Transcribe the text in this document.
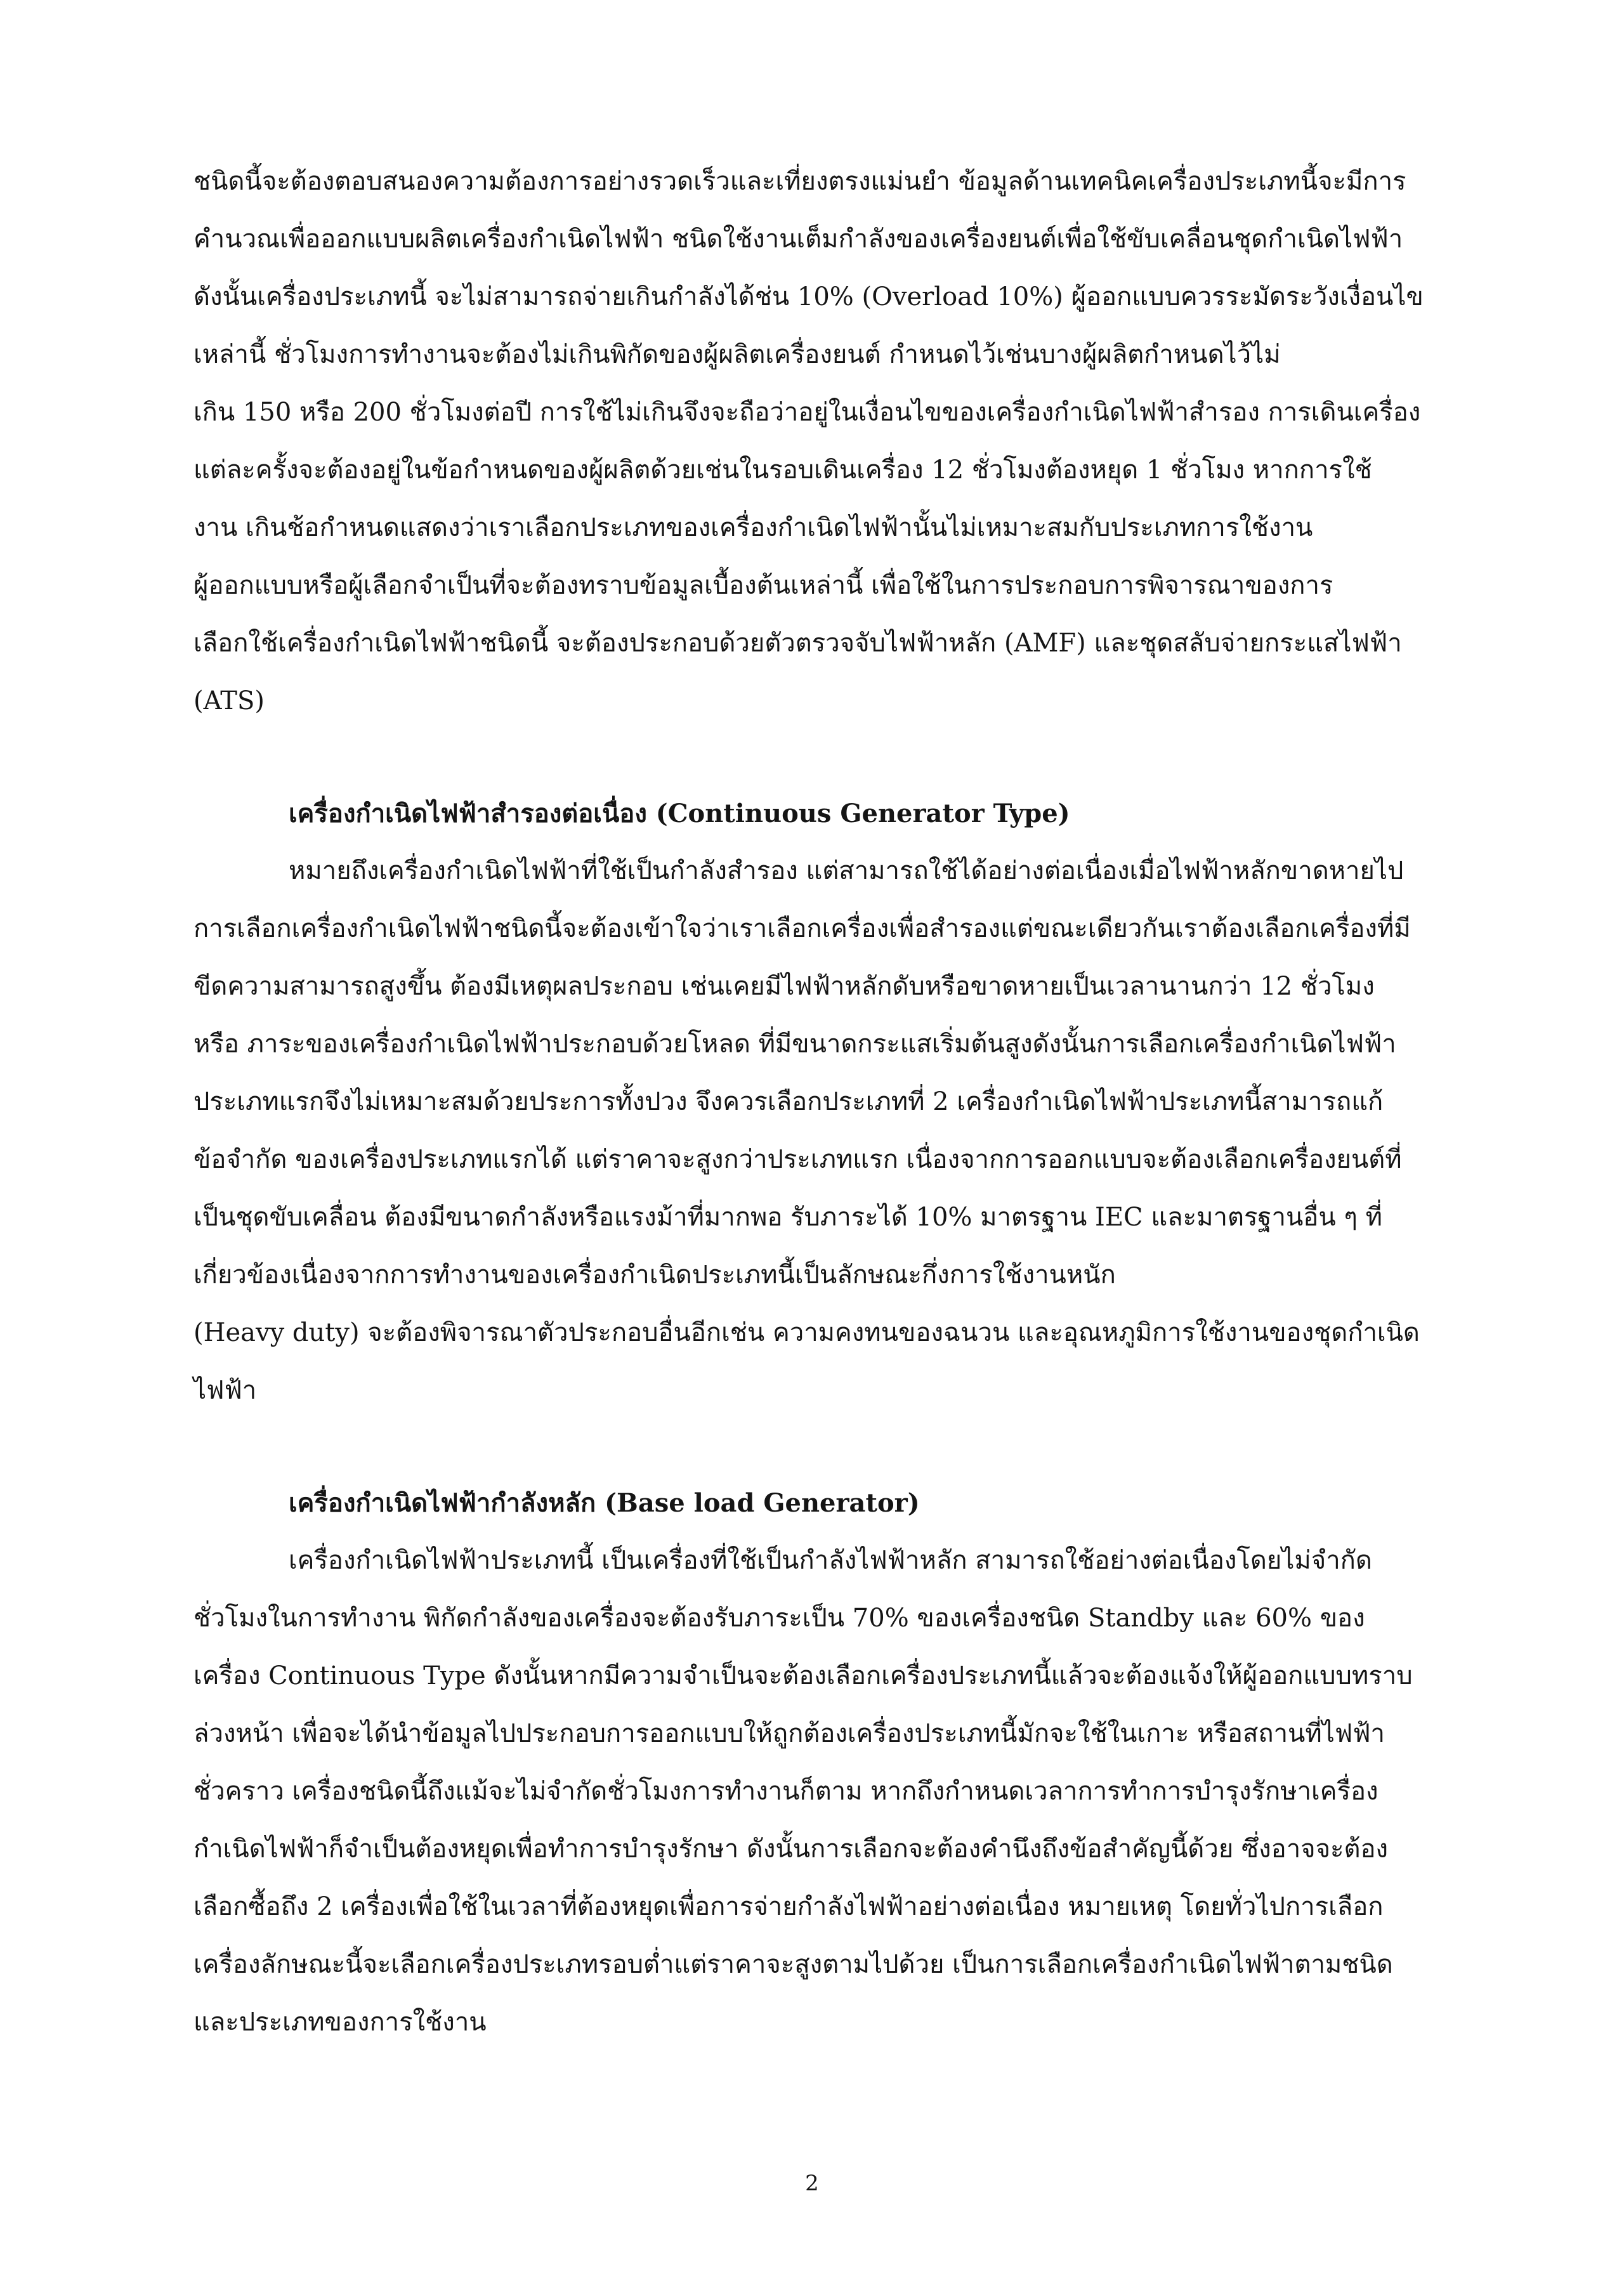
ชนิดนี้จะต้องตอบสนองความต้องการอย่างรวดเร็วและเที่ยงตรงแม่นยำ ข้อมูลด้านเทคนิคเครื่องประเภทนี้จะมีการ
คำนวณเพื่อออกแบบผลิตเครื่องกำเนิดไฟฟ้า ชนิดใช้งานเต็มกำลังของเครื่องยนต์เพื่อใช้ขับเคลื่อนชุดกำเนิดไฟฟ้า
ดังนั้นเครื่องประเภทนี้ จะไม่สามารถจ่ายเกินกำลังได้ช่น 10% (Overload 10%) ผู้ออกแบบควรระมัดระวังเงื่อนไข
เหล่านี้ ชั่วโมงการทำงานจะต้องไม่เกินพิกัดของผู้ผลิตเครื่องยนต์ กำหนดไว้เช่นบางผู้ผลิตกำหนดไว้ไม่
เกิน 150 หรือ 200 ชั่วโมงต่อปี การใช้ไม่เกินจึงจะถือว่าอยู่ในเงื่อนไขของเครื่องกำเนิดไฟฟ้าสำรอง การเดินเครื่อง
แต่ละครั้งจะต้องอยู่ในข้อกำหนดของผู้ผลิตด้วยเช่นในรอบเดินเครื่อง 12 ชั่วโมงต้องหยุด 1 ชั่วโมง หากการใช้
งาน เกินช้อกำหนดแสดงว่าเราเลือกประเภทของเครื่องกำเนิดไฟฟ้านั้นไม่เหมาะสมกับประเภทการใช้งาน
ผู้ออกแบบหรือผู้เลือกจำเป็นที่จะต้องทราบข้อมูลเบื้องต้นเหล่านี้ เพื่อใช้ในการประกอบการพิจารณาของการ
เลือกใช้เครื่องกำเนิดไฟฟ้าชนิดนี้ จะต้องประกอบด้วยตัวตรวจจับไฟฟ้าหลัก (AMF) และชุดสลับจ่ายกระแสไฟฟ้า
(ATS)
เครื่องกำเนิดไฟฟ้าสำรองต่อเนื่อง (Continuous Generator Type)
หมายถึงเครื่องกำเนิดไฟฟ้าที่ใช้เป็นกำลังสำรอง แต่สามารถใช้ได้อย่างต่อเนื่องเมื่อไฟฟ้าหลักขาดหายไป
การเลือกเครื่องกำเนิดไฟฟ้าชนิดนี้จะต้องเข้าใจว่าเราเลือกเครื่องเพื่อสำรองแต่ขณะเดียวกันเราต้องเลือกเครื่องที่มี
ขีดความสามารถสูงขึ้น ต้องมีเหตุผลประกอบ เช่นเคยมีไฟฟ้าหลักดับหรือขาดหายเป็นเวลานานกว่า 12 ชั่วโมง
หรือ ภาระของเครื่องกำเนิดไฟฟ้าประกอบด้วยโหลด ที่มีขนาดกระแสเริ่มต้นสูงดังนั้นการเลือกเครื่องกำเนิดไฟฟ้า
ประเภทแรกจึงไม่เหมาะสมด้วยประการทั้งปวง จึงควรเลือกประเภทที่ 2 เครื่องกำเนิดไฟฟ้าประเภทนี้สามารถแก้
ข้อจำกัด ของเครื่องประเภทแรกได้ แต่ราคาจะสูงกว่าประเภทแรก เนื่องจากการออกแบบจะต้องเลือกเครื่องยนต์ที่
เป็นชุดขับเคลื่อน ต้องมีขนาดกำลังหรือแรงม้าที่มากพอ รับภาระได้ 10% มาตรฐาน IEC และมาตรฐานอื่น ๆ ที่
เกี่ยวข้องเนื่องจากการทำงานของเครื่องกำเนิดประเภทนี้เป็นลักษณะกึ่งการใช้งานหนัก
(Heavy duty) จะต้องพิจารณาตัวประกอบอื่นอีกเช่น ความคงทนของฉนวน และอุณหภูมิการใช้งานของชุดกำเนิด
ไฟฟ้า
เครื่องกำเนิดไฟฟ้ากำลังหลัก (Base load Generator)
เครื่องกำเนิดไฟฟ้าประเภทนี้ เป็นเครื่องที่ใช้เป็นกำลังไฟฟ้าหลัก สามารถใช้อย่างต่อเนื่องโดยไม่จำกัด
ชั่วโมงในการทำงาน พิกัดกำลังของเครื่องจะต้องรับภาระเป็น 70% ของเครื่องชนิด Standby และ 60% ของ
เครื่อง Continuous Type ดังนั้นหากมีความจำเป็นจะต้องเลือกเครื่องประเภทนี้แล้วจะต้องแจ้งให้ผู้ออกแบบทราบ
ล่วงหน้า เพื่อจะได้นำข้อมูลไปประกอบการออกแบบให้ถูกต้องเครื่องประเภทนี้มักจะใช้ในเกาะ หรือสถานที่ไฟฟ้า
ชั่วคราว เครื่องชนิดนี้ถึงแม้จะไม่จำกัดชั่วโมงการทำงานก็ตาม หากถึงกำหนดเวลาการทำการบำรุงรักษาเครื่อง
กำเนิดไฟฟ้าก็จำเป็นต้องหยุดเพื่อทำการบำรุงรักษา ดังนั้นการเลือกจะต้องคำนึงถึงข้อสำคัญนี้ด้วย ซึ่งอาจจะต้อง
เลือกซื้อถึง 2 เครื่องเพื่อใช้ในเวลาที่ต้องหยุดเพื่อการจ่ายกำลังไฟฟ้าอย่างต่อเนื่อง หมายเหตุ โดยทั่วไปการเลือก
เครื่องลักษณะนี้จะเลือกเครื่องประเภทรอบต่ำแต่ราคาจะสูงตามไปด้วย เป็นการเลือกเครื่องกำเนิดไฟฟ้าตามชนิด
และประเภทของการใช้งาน
2
